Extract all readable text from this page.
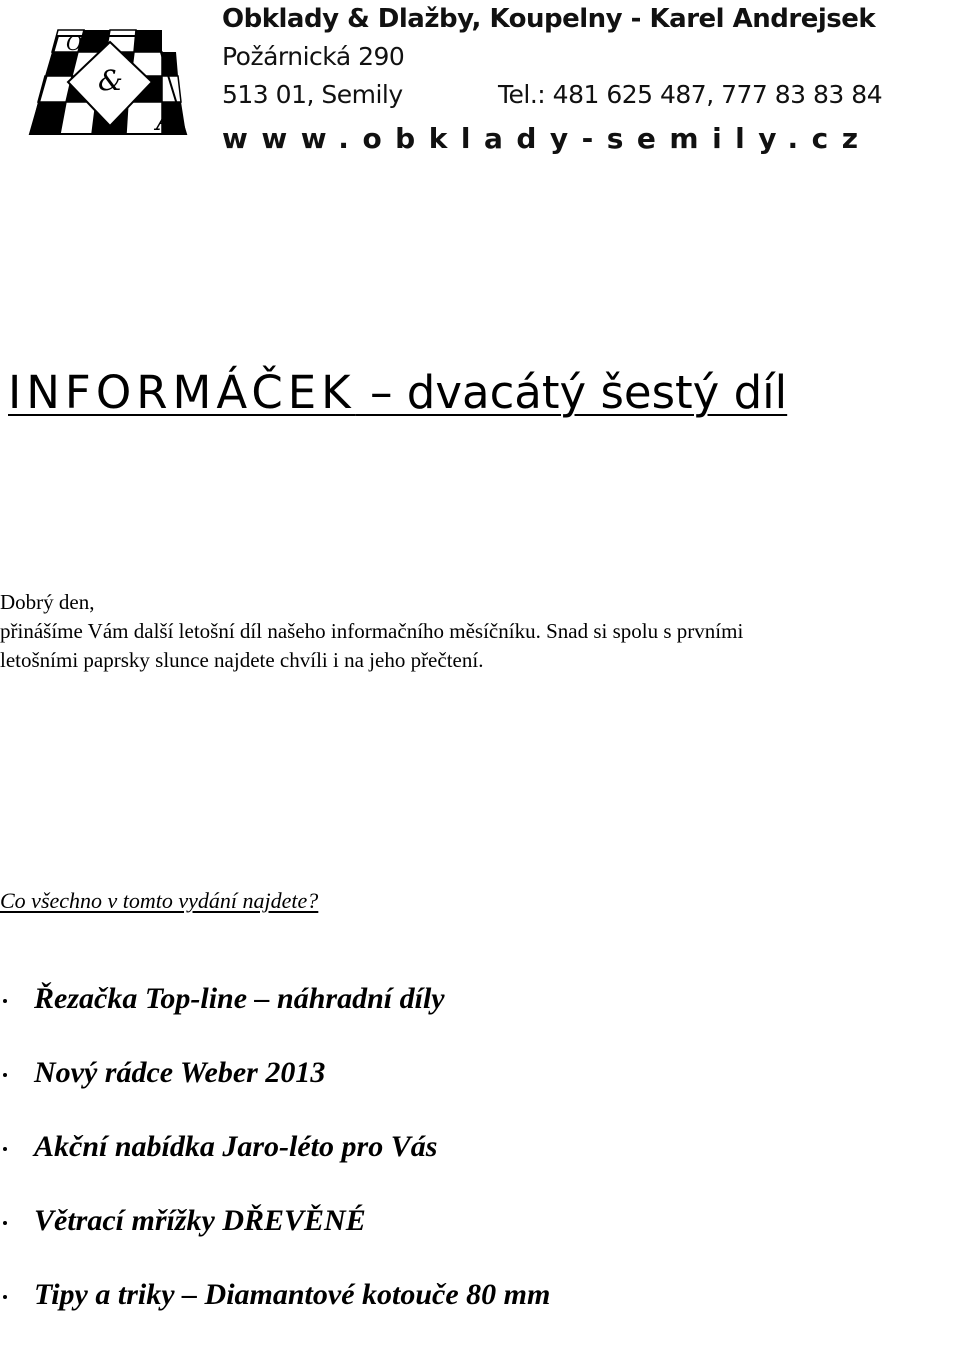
O	D
&
K	A
Obklady & Dlažby, Koupelny - Karel Andrejsek
Požárnická 290
513 01, Semily	Tel.: 481 625 487, 777 83 83 84
www.obklady-semily.cz
INFORMÁČEK – dvacátý šestý díl

Dobrý den,

přinášíme Vám další letošní díl našeho informačního měsíčníku. Snad si spolu s prvními

letošními paprsky slunce najdete chvíli i na jeho přečtení.

Co všechno v tomto vydání najdete?
Řezačka Top-line – náhradní díly
Nový rádce Weber 2013
Akční nabídka Jaro-léto pro Vás
Větrací mřížky DŘEVĚNÉ
Tipy a triky – Diamantové kotouče 80 mm
